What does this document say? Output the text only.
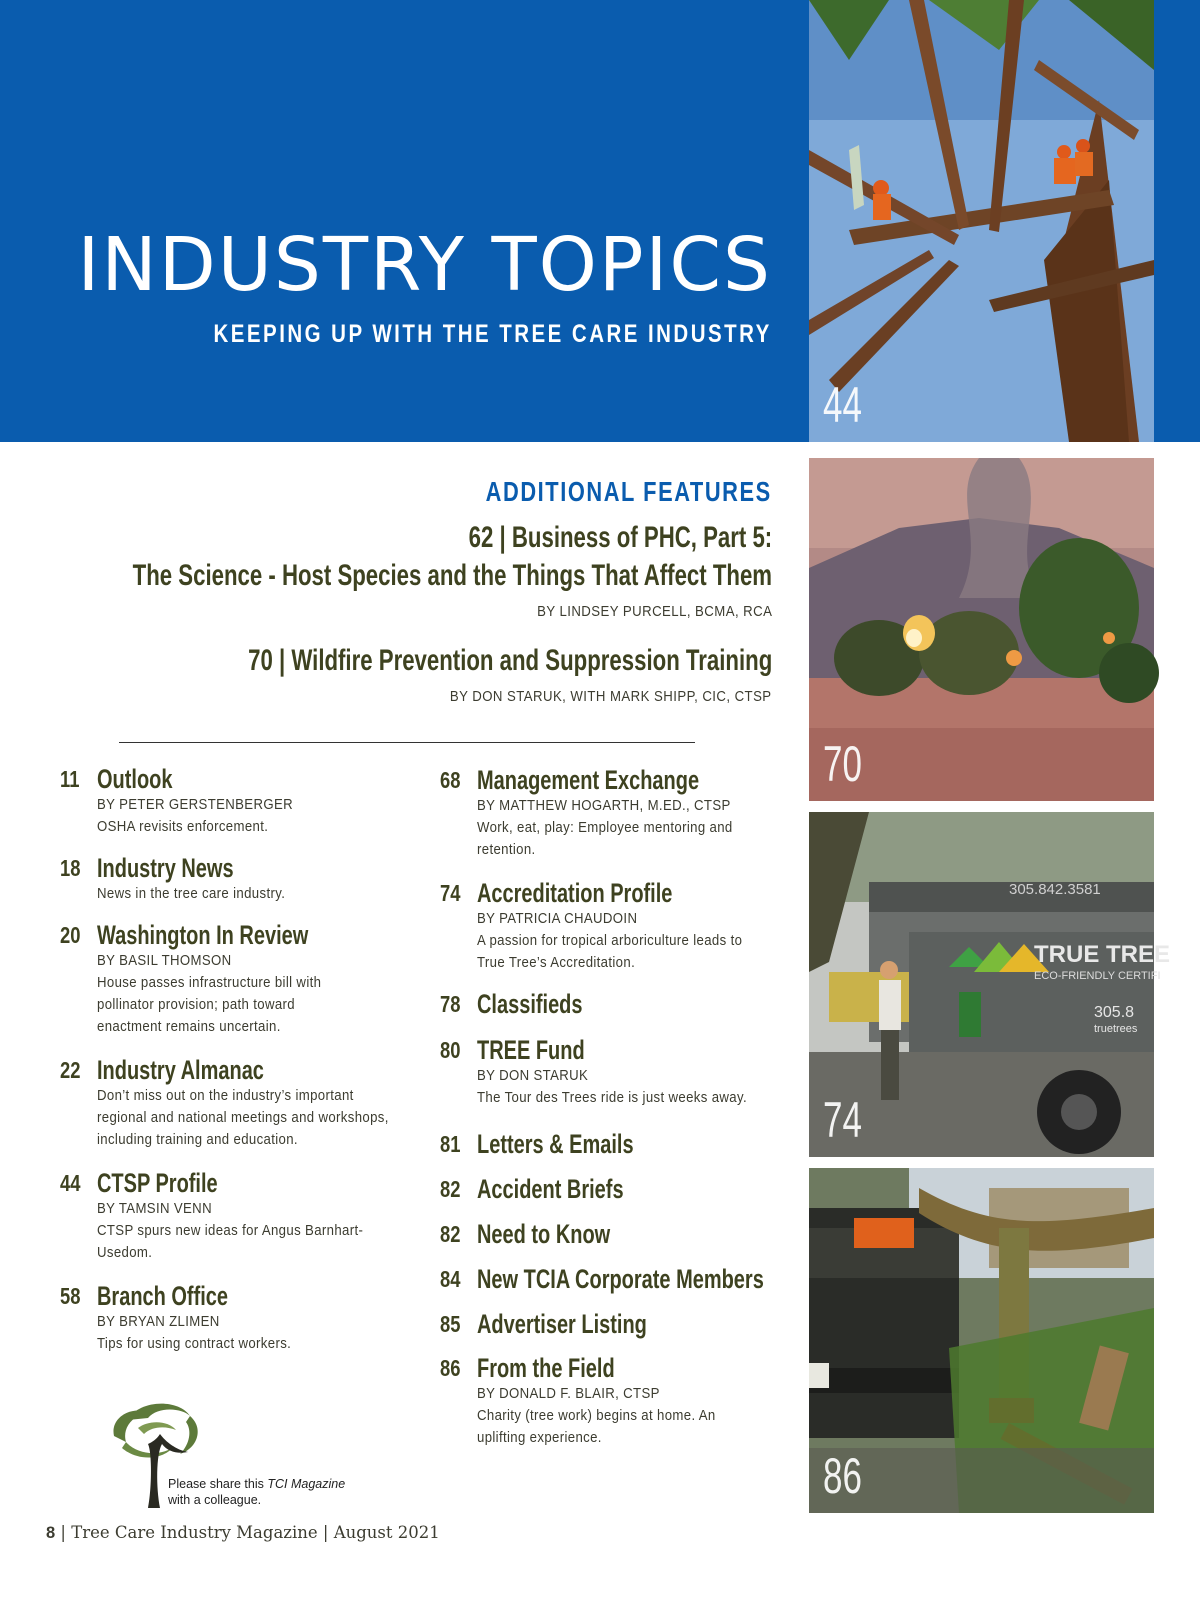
INDUSTRY TOPICS
KEEPING UP WITH THE TREE CARE INDUSTRY
44
70
TRUE TREE
ECO-FRIENDLY CERTIFI
305.842.3581
305.8
truetrees
74
86
ADDITIONAL FEATURES
62 | Business of PHC, Part 5:
The Science - Host Species and the Things That Affect Them
BY LINDSEY PURCELL, BCMA, RCA
70 | Wildfire Prevention and Suppression Training
BY DON STARUK, WITH MARK SHIPP, CIC, CTSP
11 Outlook
BY PETER GERSTENBERGER
OSHA revisits enforcement.
18 Industry News
News in the tree care industry.
20 Washington In Review
BY BASIL THOMSON
House passes infrastructure bill with pollinator provision; path toward enactment remains uncertain.
22 Industry Almanac
Don’t miss out on the industry’s important regional and national meetings and workshops, including training and education.
44 CTSP Profile
BY TAMSIN VENN
CTSP spurs new ideas for Angus Barnhart-Usedom.
58 Branch Office
BY BRYAN ZLIMEN
Tips for using contract workers.
68 Management Exchange
BY MATTHEW HOGARTH, M.ED., CTSP
Work, eat, play: Employee mentoring and retention.
74 Accreditation Profile
BY PATRICIA CHAUDOIN
A passion for tropical arboriculture leads to True Tree’s Accreditation.
78 Classifieds
80 TREE Fund
BY DON STARUK
The Tour des Trees ride is just weeks away.
81 Letters & Emails
82 Accident Briefs
82 Need to Know
84 New TCIA Corporate Members
85 Advertiser Listing
86 From the Field
BY DONALD F. BLAIR, CTSP
Charity (tree work) begins at home. An uplifting experience.
Please share this TCI Magazine
with a colleague.
8 | Tree Care Industry Magazine | August 2021
